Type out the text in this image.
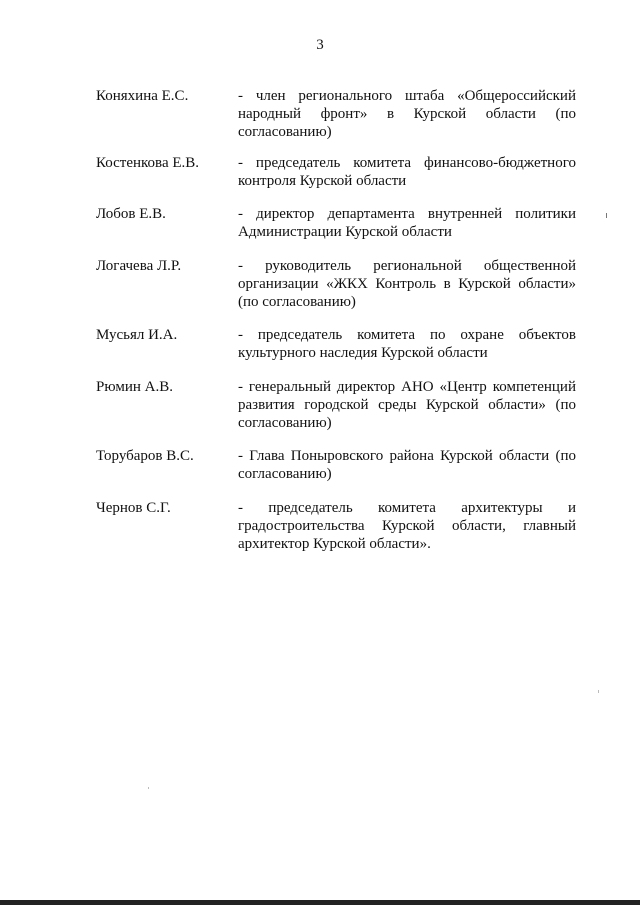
3
Коняхина Е.С.	- член регионального штаба «Общероссийский народный фронт» в Курской области (по согласованию)
Костенкова Е.В.	- председатель комитета финансово-бюджетного контроля Курской области
Лобов Е.В.	- директор департамента внутренней политики Администрации Курской области
Логачева Л.Р.	- руководитель региональной общественной организации «ЖКХ Контроль в Курской области» (по согласованию)
Мусьял И.А.	- председатель комитета по охране объектов культурного наследия Курской области
Рюмин А.В.	- генеральный директор АНО «Центр компетенций развития городской среды Курской области» (по согласованию)
Торубаров В.С.	- Глава Поныровского района Курской области (по согласованию)
Чернов С.Г.	- председатель комитета архитектуры и градостроительства Курской области, главный архитектор Курской области».
